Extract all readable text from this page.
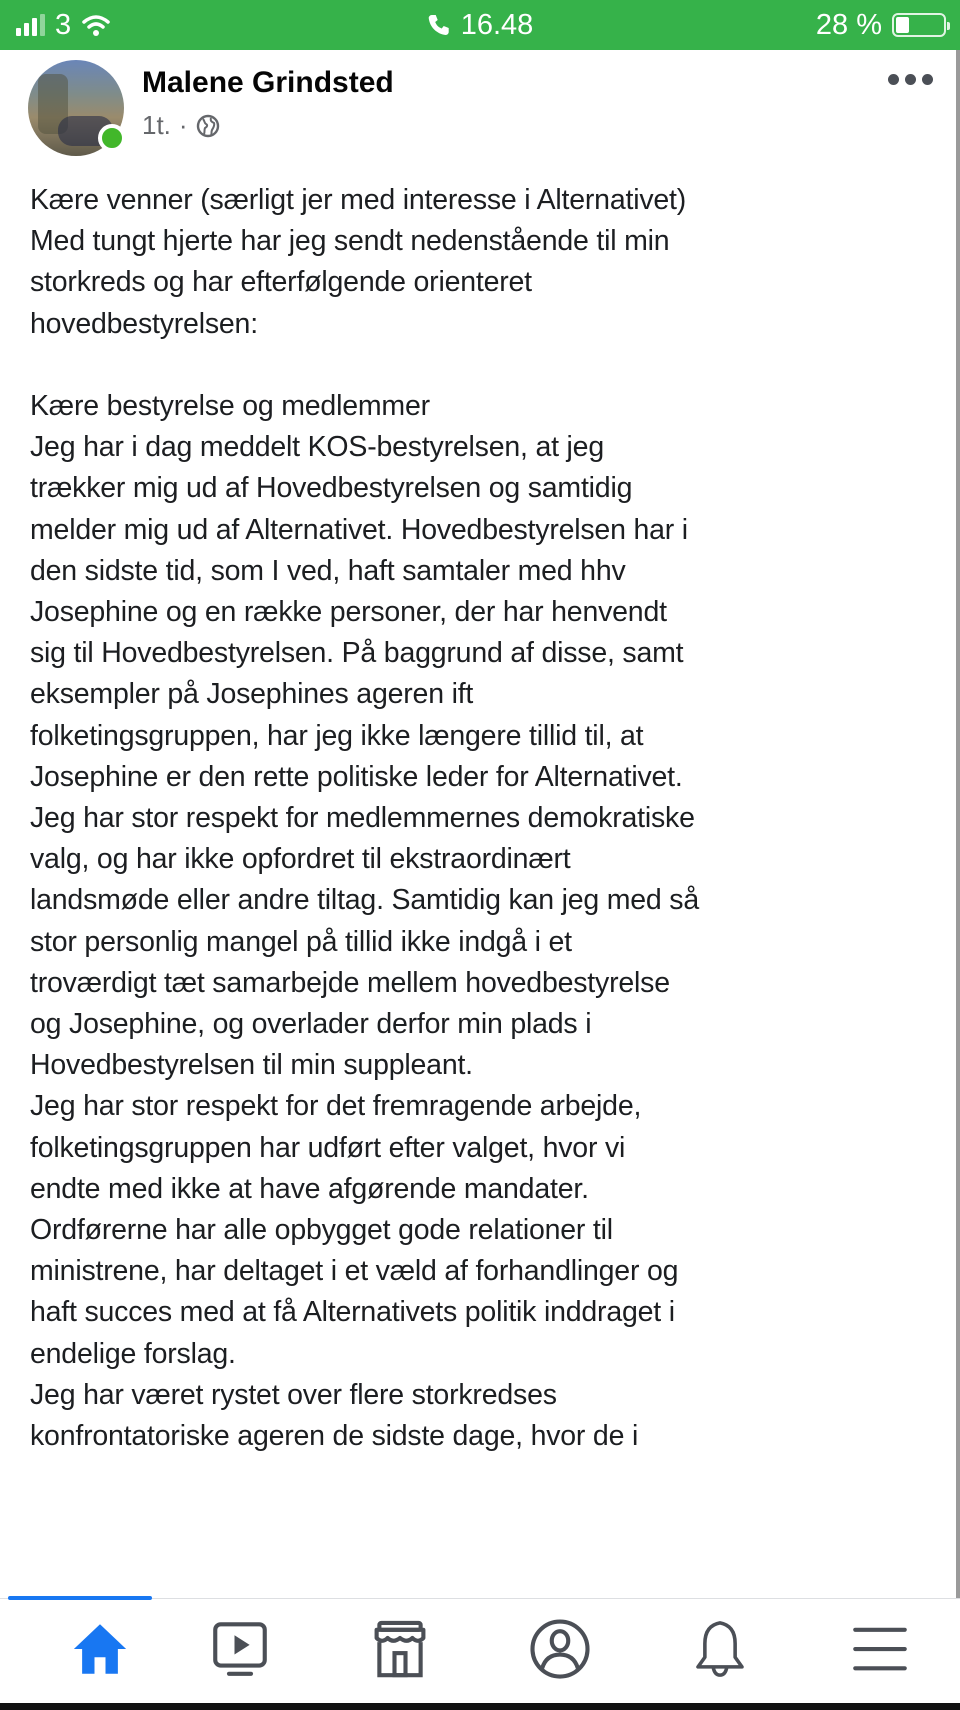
3	16.48	28 %
Malene Grindsted
1t. ·

Kære venner (særligt jer med interesse i Alternativet)

Med tungt hjerte har jeg sendt nedenstående til min

storkreds og har efterfølgende orienteret

hovedbestyrelsen:

Kære bestyrelse og medlemmer

Jeg har i dag meddelt KOS-bestyrelsen, at jeg

trækker mig ud af Hovedbestyrelsen og samtidig

melder mig ud af Alternativet. Hovedbestyrelsen har i

den sidste tid, som I ved, haft samtaler med hhv

Josephine og en række personer, der har henvendt

sig til Hovedbestyrelsen. På baggrund af disse, samt

eksempler på Josephines ageren ift

folketingsgruppen, har jeg ikke længere tillid til, at

Josephine er den rette politiske leder for Alternativet.

Jeg har stor respekt for medlemmernes demokratiske

valg, og har ikke opfordret til ekstraordinært

landsmøde eller andre tiltag. Samtidig kan jeg med så

stor personlig mangel på tillid ikke indgå i et

troværdigt tæt samarbejde mellem hovedbestyrelse

og Josephine, og overlader derfor min plads i

Hovedbestyrelsen til min suppleant.

Jeg har stor respekt for det fremragende arbejde,

folketingsgruppen har udført efter valget, hvor vi

endte med ikke at have afgørende mandater.

Ordførerne har alle opbygget gode relationer til

ministrene, har deltaget i et væld af forhandlinger og

haft succes med at få Alternativets politik inddraget i

endelige forslag.

Jeg har været rystet over flere storkredses

konfrontatoriske ageren de sidste dage, hvor de i
